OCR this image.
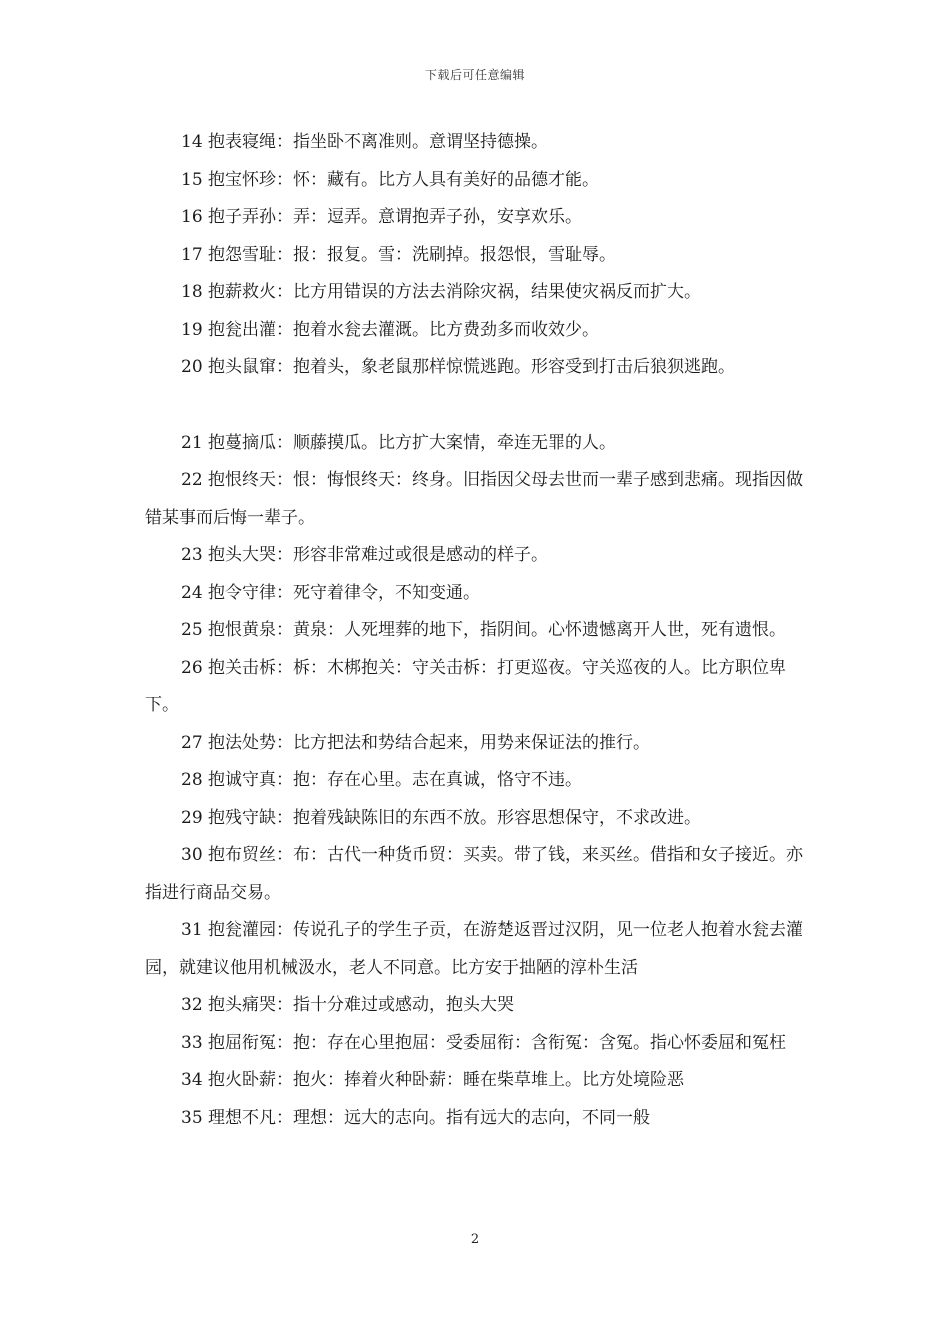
下载后可任意编辑

14 抱表寝绳：指坐卧不离准则。意谓坚持德操。

15 抱宝怀珍：怀：藏有。比方人具有美好的品德才能。

16 抱子弄孙：弄：逗弄。意谓抱弄子孙，安享欢乐。

17 抱怨雪耻：报：报复。雪：洗刷掉。报怨恨，雪耻辱。

18 抱薪救火：比方用错误的方法去消除灾祸，结果使灾祸反而扩大。

19 抱瓮出灌：抱着水瓮去灌溉。比方费劲多而收效少。

20 抱头鼠窜：抱着头，象老鼠那样惊慌逃跑。形容受到打击后狼狈逃跑。

21 抱蔓摘瓜：顺藤摸瓜。比方扩大案情，牵连无罪的人。

22 抱恨终天：恨：悔恨终天：终身。旧指因父母去世而一辈子感到悲痛。现指因做错某事而后悔一辈子。

23 抱头大哭：形容非常难过或很是感动的样子。

24 抱令守律：死守着律令，不知变通。

25 抱恨黄泉：黄泉：人死埋葬的地下，指阴间。心怀遗憾离开人世，死有遗恨。

26 抱关击柝：柝：木梆抱关：守关击柝：打更巡夜。守关巡夜的人。比方职位卑下。

27 抱法处势：比方把法和势结合起来，用势来保证法的推行。

28 抱诚守真：抱：存在心里。志在真诚，恪守不违。

29 抱残守缺：抱着残缺陈旧的东西不放。形容思想保守，不求改进。

30 抱布贸丝：布：古代一种货币贸：买卖。带了钱，来买丝。借指和女子接近。亦指进行商品交易。

31 抱瓮灌园：传说孔子的学生子贡，在游楚返晋过汉阴，见一位老人抱着水瓮去灌园，就建议他用机械汲水，老人不同意。比方安于拙陋的淳朴生活

32 抱头痛哭：指十分难过或感动，抱头大哭

33 抱屈衔冤：抱：存在心里抱屈：受委屈衔：含衔冤：含冤。指心怀委屈和冤枉

34 抱火卧薪：抱火：捧着火种卧薪：睡在柴草堆上。比方处境险恶

35 理想不凡：理想：远大的志向。指有远大的志向，不同一般

2
